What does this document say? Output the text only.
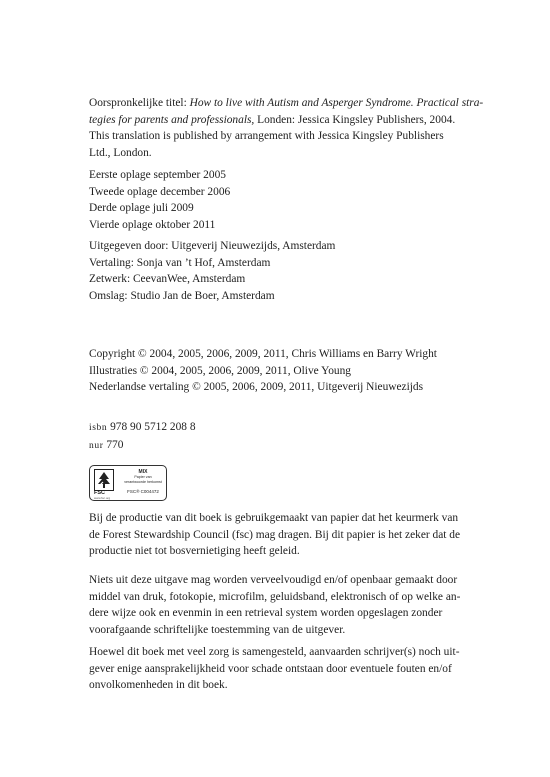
Oorspronkelijke titel: How to live with Autism and Asperger Syndrome. Practical stra-
tegies for parents and professionals, Londen: Jessica Kingsley Publishers, 2004.
This translation is published by arrangement with Jessica Kingsley Publishers
Ltd., London.
Eerste oplage september 2005
Tweede oplage december 2006
Derde oplage juli 2009
Vierde oplage oktober 2011
Uitgegeven door: Uitgeverij Nieuwezijds, Amsterdam
Vertaling: Sonja van ’t Hof, Amsterdam
Zetwerk: CeevanWee, Amsterdam
Omslag: Studio Jan de Boer, Amsterdam
Copyright © 2004, 2005, 2006, 2009, 2011, Chris Williams en Barry Wright
Illustraties © 2004, 2005, 2006, 2009, 2011, Olive Young
Nederlandse vertaling © 2005, 2006, 2009, 2011, Uitgeverij Nieuwezijds
isbn 978 90 5712 208 8
nur 770
FSC
www.fsc.org
MIX
Papier van
verantwoorde herkomst
FSC® C004472
Bij de productie van dit boek is gebruikgemaakt van papier dat het keurmerk van
de Forest Stewardship Council (fsc) mag dragen. Bij dit papier is het zeker dat de
productie niet tot bosvernietiging heeft geleid.
Niets uit deze uitgave mag worden verveelvoudigd en/of openbaar gemaakt door
middel van druk, fotokopie, microfilm, geluidsband, elektronisch of op welke an-
dere wijze ook en evenmin in een retrieval system worden opgeslagen zonder
voorafgaande schriftelijke toestemming van de uitgever.
Hoewel dit boek met veel zorg is samengesteld, aanvaarden schrijver(s) noch uit-
gever enige aansprakelijkheid voor schade ontstaan door eventuele fouten en/of
onvolkomenheden in dit boek.
